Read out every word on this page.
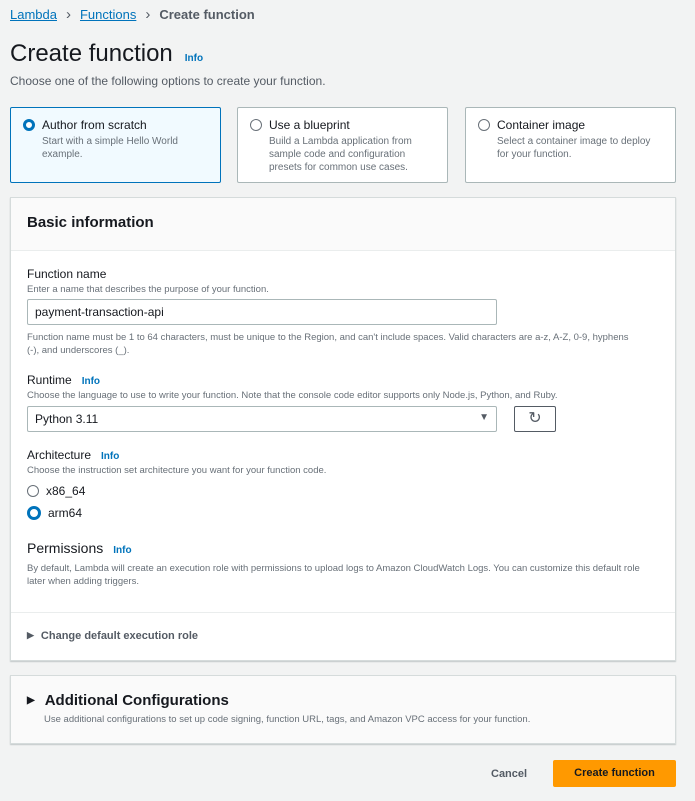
Lambda › Functions › Create function
Create function Info
Choose one of the following options to create your function.
Author from scratch
Start with a simple Hello World example.
Use a blueprint
Build a Lambda application from sample code and configuration presets for common use cases.
Container image
Select a container image to deploy for your function.
Basic information
Function name
Enter a name that describes the purpose of your function.
payment-transaction-api
Function name must be 1 to 64 characters, must be unique to the Region, and can't include spaces. Valid characters are a-z, A-Z, 0-9, hyphens (-), and underscores (_).
Runtime Info
Choose the language to use to write your function. Note that the console code editor supports only Node.js, Python, and Ruby.
Python 3.11	▼	↻
Architecture Info
Choose the instruction set architecture you want for your function code.
x86_64
arm64
Permissions Info
By default, Lambda will create an execution role with permissions to upload logs to Amazon CloudWatch Logs. You can customize this default role later when adding triggers.
▶ Change default execution role
▶ Additional Configurations
Use additional configurations to set up code signing, function URL, tags, and Amazon VPC access for your function.
Cancel	Create function
